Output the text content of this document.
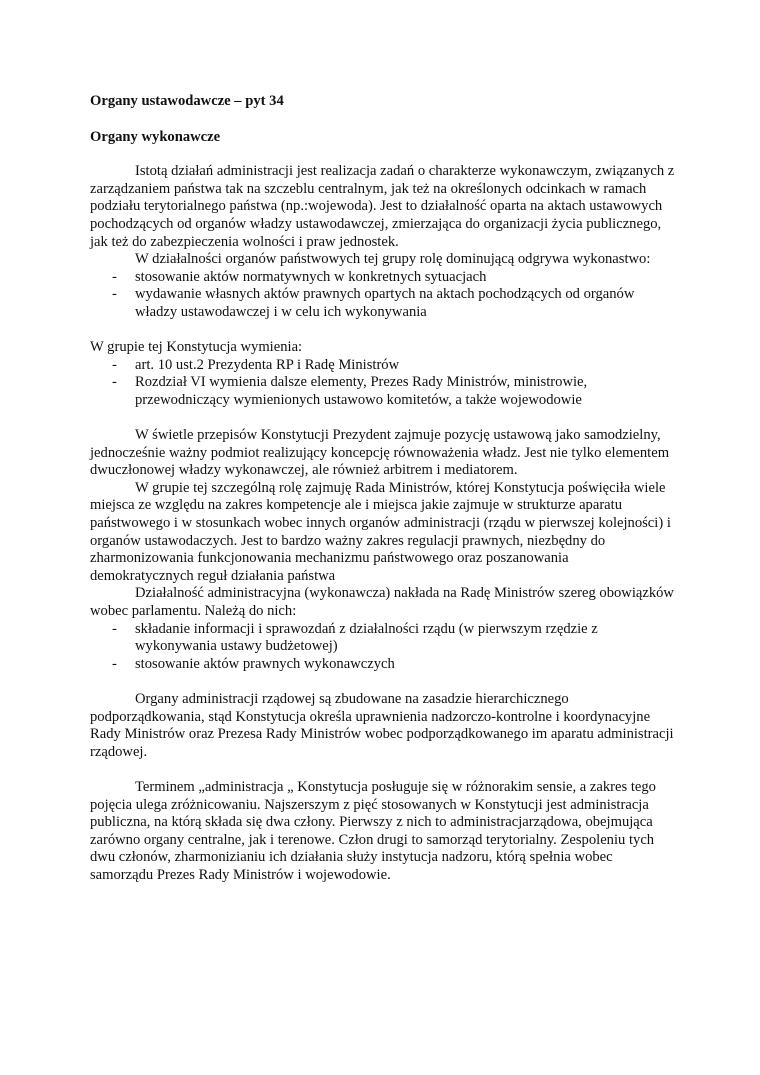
Organy ustawodawcze – pyt 34
Organy wykonawcze

Istotą działań administracji jest realizacja zadań o charakterze wykonawczym, związanych z zarządzaniem państwa tak na szczeblu centralnym, jak też na określonych odcinkach w ramach podziału terytorialnego państwa (np.:wojewoda). Jest to działalność oparta na aktach ustawowych pochodzących od organów władzy ustawodawczej, zmierzająca do organizacji życia publicznego, jak też do zabezpieczenia wolności i praw jednostek.

W działalności organów państwowych tej grupy rolę dominującą odgrywa wykonastwo:

- stosowanie aktów normatywnych w konkretnych sytuacjach
- wydawanie własnych aktów prawnych opartych na aktach pochodzących od organów władzy ustawodawczej i w celu ich wykonywania

W grupie tej Konstytucja wymienia:

- art. 10 ust.2 Prezydenta RP i Radę Ministrów
- Rozdział VI wymienia dalsze elementy, Prezes Rady Ministrów, ministrowie, przewodniczący wymienionych ustawowo komitetów, a także wojewodowie

W świetle przepisów Konstytucji Prezydent zajmuje pozycję ustawową jako samodzielny, jednocześnie ważny podmiot realizujący koncepcję równoważenia władz. Jest nie tylko elementem dwuczłonowej władzy wykonawczej, ale również arbitrem i mediatorem.

W grupie tej szczególną rolę zajmuję Rada Ministrów, której Konstytucja poświęciła wiele miejsca ze względu na zakres kompetencje ale i miejsca jakie zajmuje w strukturze aparatu państwowego i w stosunkach wobec innych organów administracji (rządu w pierwszej kolejności) i organów ustawodaczych. Jest to bardzo ważny zakres regulacji prawnych, niezbędny do zharmonizowania funkcjonowania mechanizmu państwowego oraz poszanowania demokratycznych reguł działania państwa

Działalność administracyjna (wykonawcza) nakłada na Radę Ministrów szereg obowiązków wobec parlamentu. Należą do nich:

- składanie informacji i sprawozdań z działalności rządu (w pierwszym rzędzie z wykonywania ustawy budżetowej)
- stosowanie aktów prawnych wykonawczych

Organy administracji rządowej są zbudowane na zasadzie hierarchicznego podporządkowania, stąd Konstytucja określa uprawnienia nadzorczo-kontrolne i koordynacyjne Rady Ministrów oraz Prezesa Rady Ministrów wobec podporządkowanego im aparatu administracji rządowej.

Terminem „administracja „ Konstytucja posługuje się w różnorakim sensie, a zakres tego pojęcia ulega zróżnicowaniu. Najszerszym z pięć stosowanych w Konstytucji jest administracja publiczna, na którą składa się dwa człony. Pierwszy z nich to administracjarządowa, obejmująca zarówno organy centralne, jak i terenowe. Człon drugi to samorząd terytorialny. Zespoleniu tych dwu członów, zharmonizianiu ich działania służy instytucja nadzoru, którą spełnia wobec samorządu Prezes Rady Ministrów i wojewodowie.
